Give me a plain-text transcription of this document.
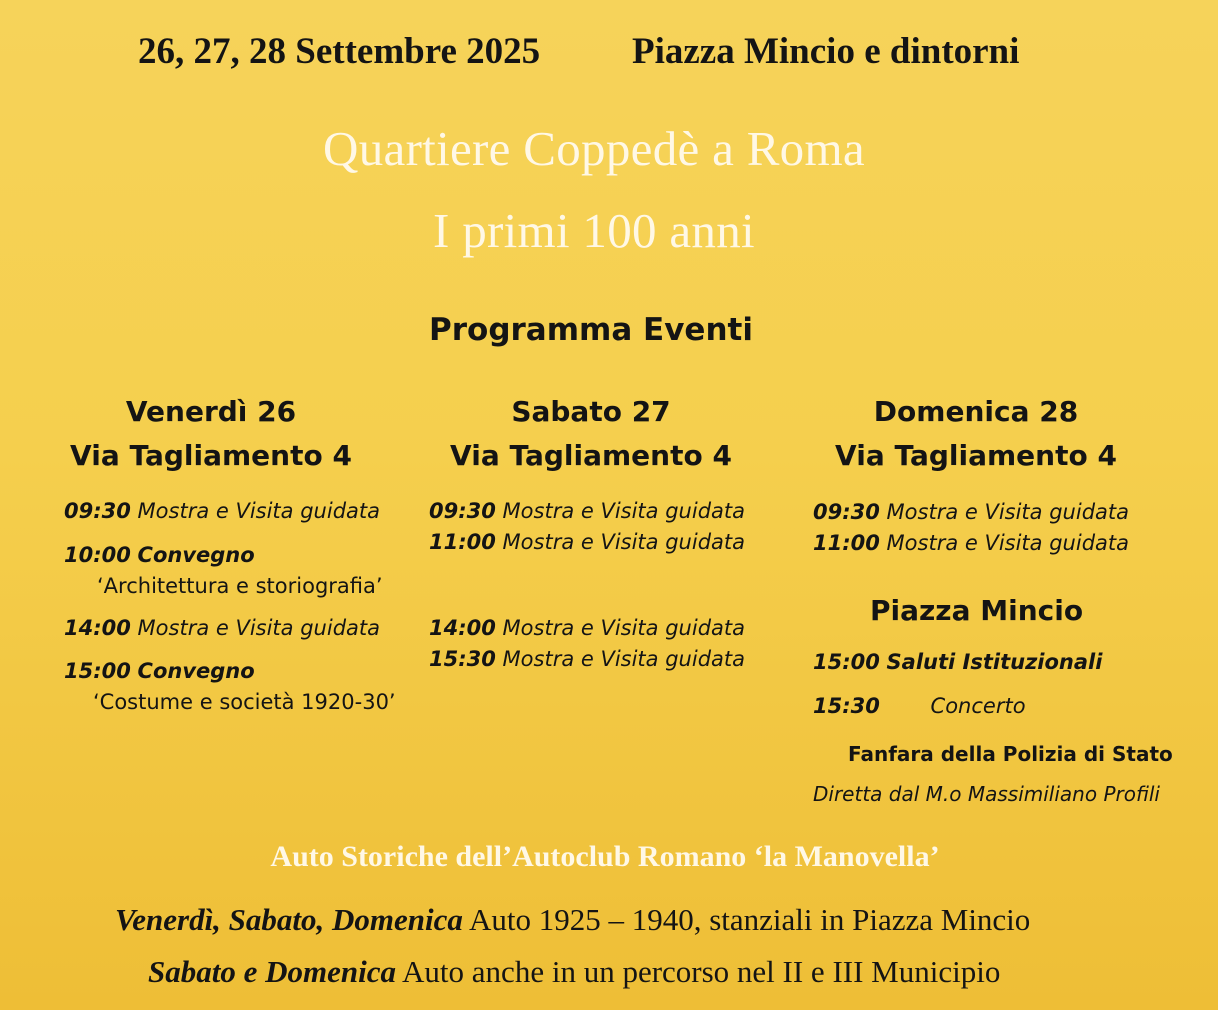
26, 27, 28 Settembre 2025 Piazza Mincio e dintorni
Quartiere Coppedè a Roma
I primi 100 anni
Programma Eventi
Venerdì 26
Via Tagliamento 4
09:30 Mostra e Visita guidata
10:00 Convegno
‘Architettura e storiografia’
14:00 Mostra e Visita guidata
15:00 Convegno
‘Costume e società 1920-30’
Sabato 27
Via Tagliamento 4
09:30 Mostra e Visita guidata
11:00 Mostra e Visita guidata
14:00 Mostra e Visita guidata
15:30 Mostra e Visita guidata
Domenica 28
Via Tagliamento 4
09:30 Mostra e Visita guidata
11:00 Mostra e Visita guidata
Piazza Mincio
15:00 Saluti Istituzionali
15:30 Concerto
Fanfara della Polizia di Stato
Diretta dal M.o Massimiliano Profili
Auto Storiche dell’Autoclub Romano ‘la Manovella’
Venerdì, Sabato, Domenica Auto 1925 – 1940, stanziali in Piazza Mincio
Sabato e Domenica Auto anche in un percorso nel II e III Municipio
